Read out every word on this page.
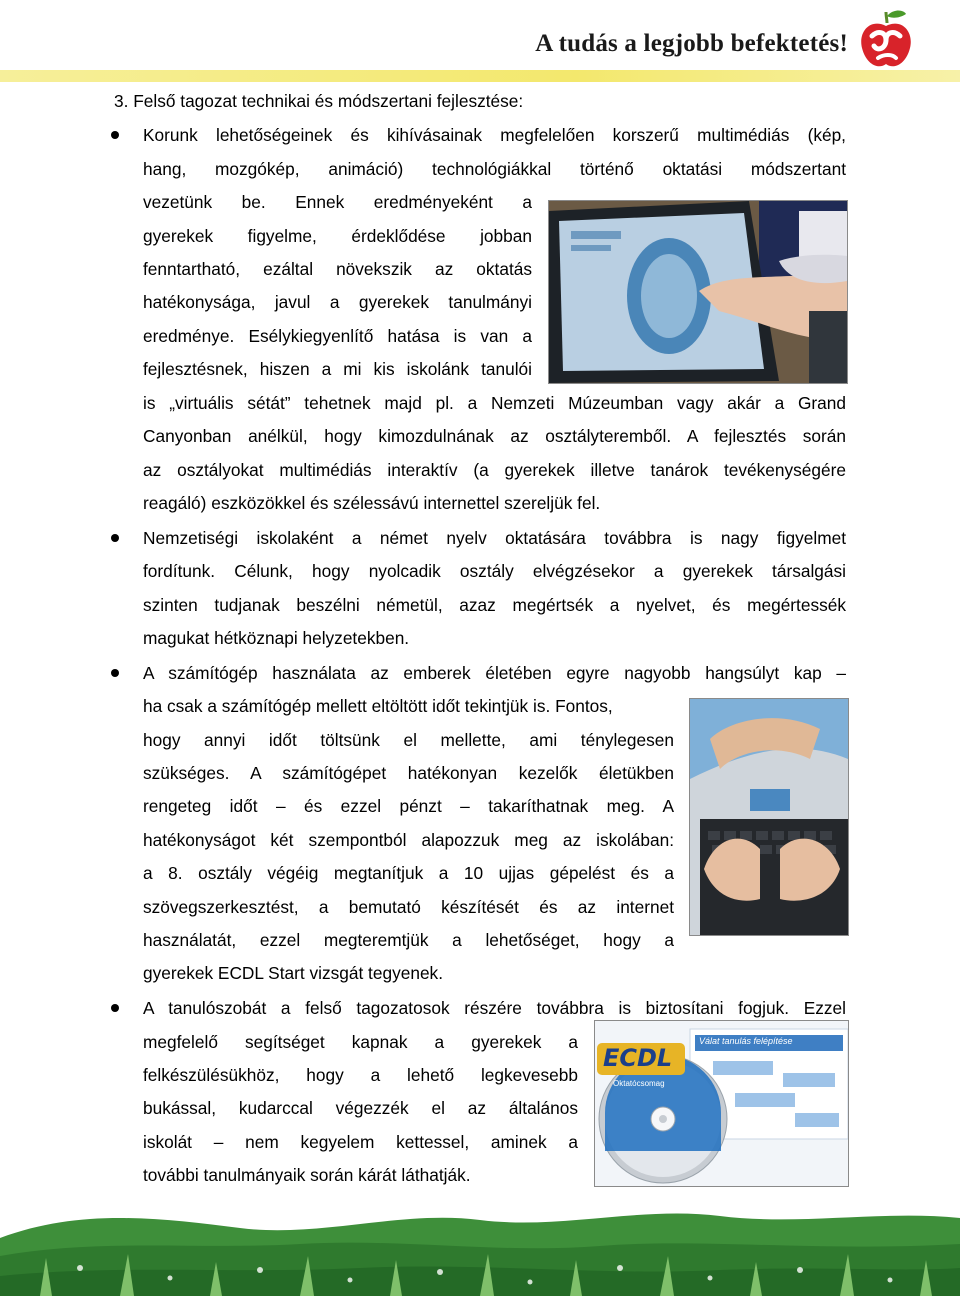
A tudás a legjobb befektetés!
3. Felső tagozat technikai és módszertani fejlesztése:
Korunk lehetőségeinek és kihívásainak megfelelően korszerű multimédiás (kép,
hang, mozgókép, animáció) technológiákkal történő oktatási módszertant
vezetünk be. Ennek eredményeként a
gyerekek figyelme, érdeklődése jobban
fenntartható, ezáltal növekszik az oktatás
hatékonysága, javul a gyerekek tanulmányi
eredménye. Esélykiegyenlítő hatása is van a
fejlesztésnek, hiszen a mi kis iskolánk tanulói
is „virtuális sétát” tehetnek majd pl. a Nemzeti Múzeumban vagy akár a Grand
Canyonban anélkül, hogy kimozdulnának az osztályteremből. A fejlesztés során
az osztályokat multimédiás interaktív (a gyerekek illetve tanárok tevékenységére
reagáló) eszközökkel és szélessávú internettel szereljük fel.
Nemzetiségi iskolaként a német nyelv oktatására továbbra is nagy figyelmet
fordítunk. Célunk, hogy nyolcadik osztály elvégzésekor a gyerekek társalgási
szinten tudjanak beszélni németül, azaz megértsék a nyelvet, és megértessék
magukat hétköznapi helyzetekben.
A számítógép használata az emberek életében egyre nagyobb hangsúlyt kap –
ha csak a számítógép mellett eltöltött időt tekintjük is. Fontos,
hogy annyi időt töltsünk el mellette, ami ténylegesen
szükséges. A számítógépet hatékonyan kezelők életükben
rengeteg időt – és ezzel pénzt – takaríthatnak meg. A
hatékonyságot két szempontból alapozzuk meg az iskolában:
a 8. osztály végéig megtanítjuk a 10 ujjas gépelést és a
szövegszerkesztést, a bemutató készítését és az internet
használatát, ezzel megteremtjük a lehetőséget, hogy a
gyerekek ECDL Start vizsgát tegyenek.
A tanulószobát a felső tagozatosok részére továbbra is biztosítani fogjuk. Ezzel
megfelelő segítséget kapnak a gyerekek a
felkészülésükhöz, hogy a lehető legkevesebb
bukással, kudarccal végezzék el az általános
iskolát – nem kegyelem kettessel, aminek a
további tanulmányaik során kárát láthatják.
ECDL
Oktatócsomag
Válat tanulás felépítése
